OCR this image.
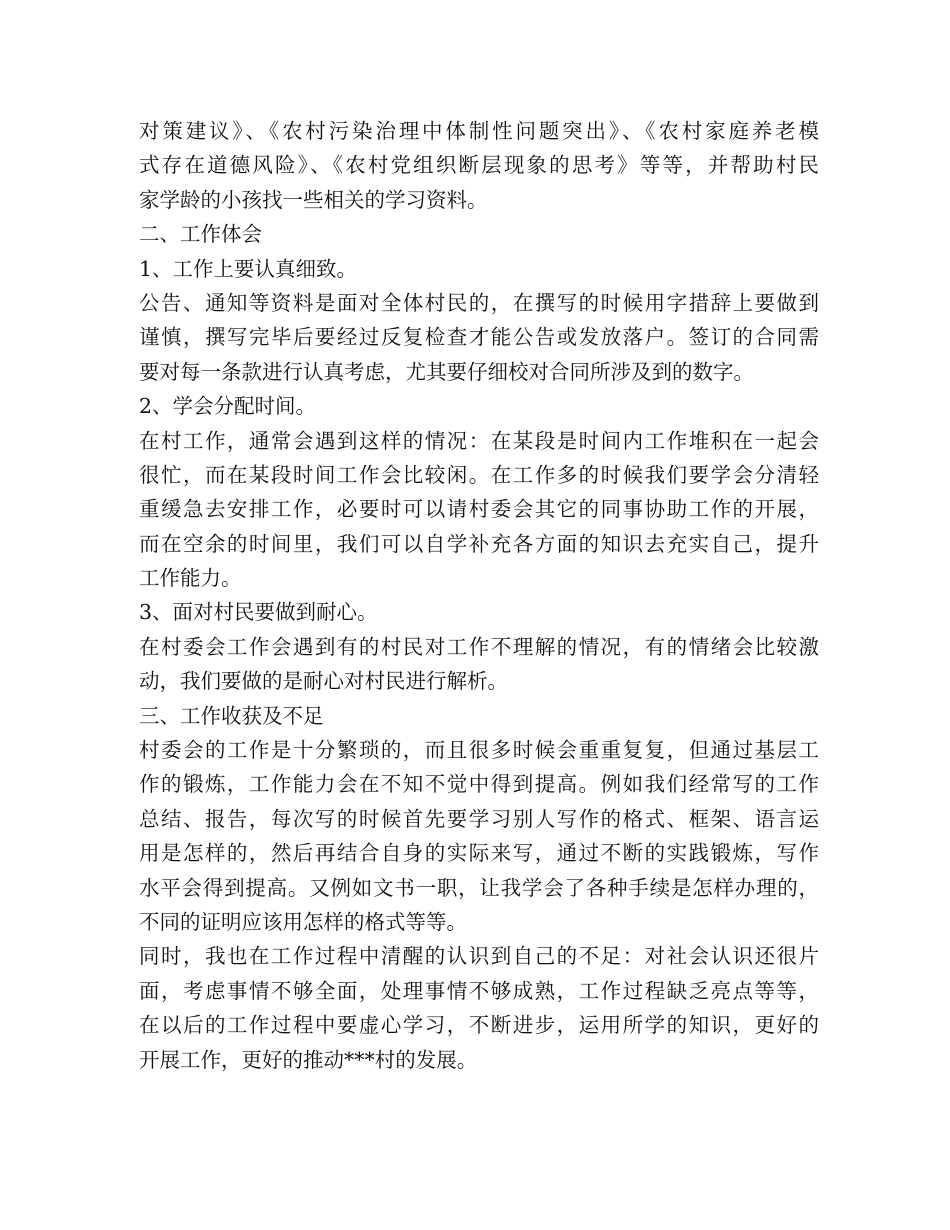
对策建议》、《农村污染治理中体制性问题突出》、《农村家庭养老模
式存在道德风险》、《农村党组织断层现象的思考》等等，并帮助村民
家学龄的小孩找一些相关的学习资料。
二、工作体会
1、工作上要认真细致。
公告、通知等资料是面对全体村民的，在撰写的时候用字措辞上要做到
谨慎，撰写完毕后要经过反复检查才能公告或发放落户。签订的合同需
要对每一条款进行认真考虑，尤其要仔细校对合同所涉及到的数字。
2、学会分配时间。
在村工作，通常会遇到这样的情况：在某段是时间内工作堆积在一起会
很忙，而在某段时间工作会比较闲。在工作多的时候我们要学会分清轻
重缓急去安排工作，必要时可以请村委会其它的同事协助工作的开展，
而在空余的时间里，我们可以自学补充各方面的知识去充实自己，提升
工作能力。
3、面对村民要做到耐心。
在村委会工作会遇到有的村民对工作不理解的情况，有的情绪会比较激
动，我们要做的是耐心对村民进行解析。
三、工作收获及不足
村委会的工作是十分繁琐的，而且很多时候会重重复复，但通过基层工
作的锻炼，工作能力会在不知不觉中得到提高。例如我们经常写的工作
总结、报告，每次写的时候首先要学习别人写作的格式、框架、语言运
用是怎样的，然后再结合自身的实际来写，通过不断的实践锻炼，写作
水平会得到提高。又例如文书一职，让我学会了各种手续是怎样办理的，
不同的证明应该用怎样的格式等等。
同时，我也在工作过程中清醒的认识到自己的不足：对社会认识还很片
面，考虑事情不够全面，处理事情不够成熟，工作过程缺乏亮点等等，
在以后的工作过程中要虚心学习，不断进步，运用所学的知识，更好的
开展工作，更好的推动***村的发展。
